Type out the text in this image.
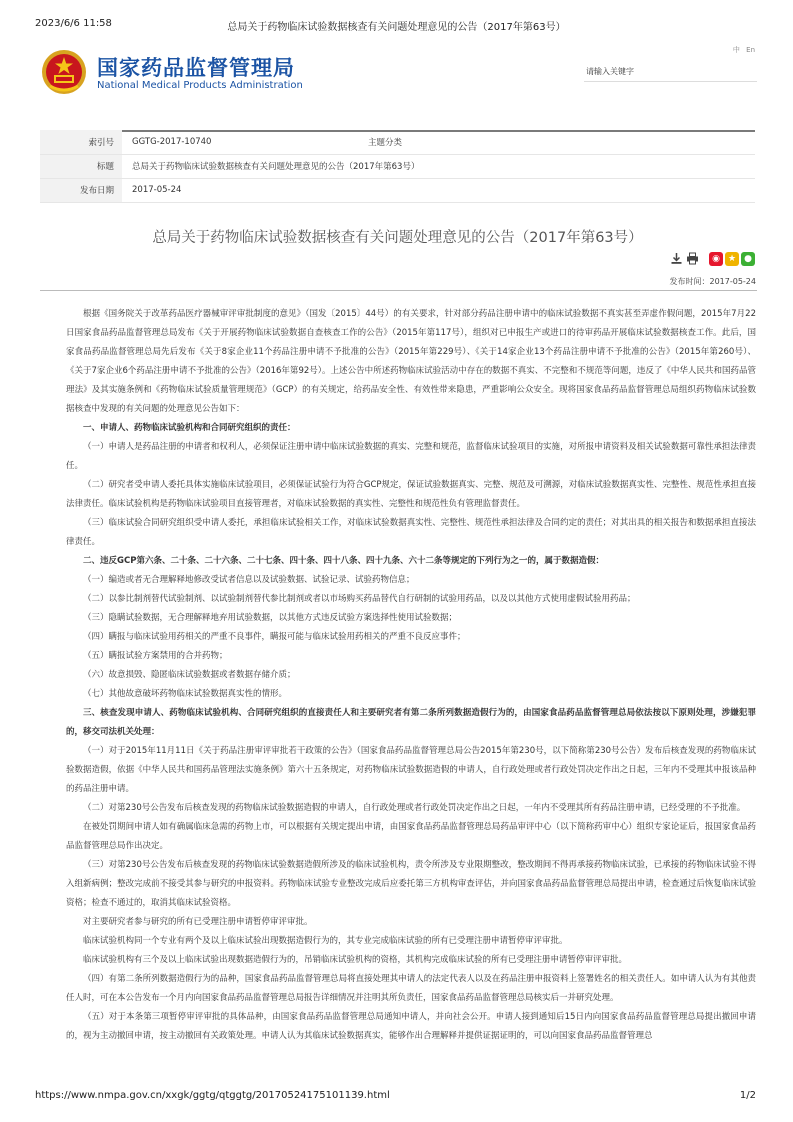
2023/6/6 11:58	总局关于药物临床试验数据核查有关问题处理意见的公告（2017年第63号）
国家药品监督管理局
National Medical Products Administration
中 En
请输入关键字
索引号	GGTG-2017-10740	主题分类	
标题	总局关于药物临床试验数据核查有关问题处理意见的公告（2017年第63号）		
发布日期	2017-05-24		
总局关于药物临床试验数据核查有关问题处理意见的公告（2017年第63号）
◉ ★ ●
发布时间：2017-05-24

根据《国务院关于改革药品医疗器械审评审批制度的意见》（国发〔2015〕44号）的有关要求，针对部分药品注册申请中的临床试验数据不真实甚至弄虚作假问题，2015年7月22日国家食品药品监督管理总局发布《关于开展药物临床试验数据自查核查工作的公告》（2015年第117号），组织对已申报生产或进口的待审药品开展临床试验数据核查工作。此后，国家食品药品监督管理总局先后发布《关于8家企业11个药品注册申请不予批准的公告》（2015年第229号）、《关于14家企业13个药品注册申请不予批准的公告》（2015年第260号）、《关于7家企业6个药品注册申请不予批准的公告》（2016年第92号）。上述公告中所述药物临床试验活动中存在的数据不真实、不完整和不规范等问题，违反了《中华人民共和国药品管理法》及其实施条例和《药物临床试验质量管理规范》（GCP）的有关规定，给药品安全性、有效性带来隐患，严重影响公众安全。现将国家食品药品监督管理总局组织药物临床试验数据核查中发现的有关问题的处理意见公告如下：

一、申请人、药物临床试验机构和合同研究组织的责任：

（一）申请人是药品注册的申请者和权利人，必须保证注册申请中临床试验数据的真实、完整和规范，监督临床试验项目的实施，对所报申请资料及相关试验数据可靠性承担法律责任。

（二）研究者受申请人委托具体实施临床试验项目，必须保证试验行为符合GCP规定，保证试验数据真实、完整、规范及可溯源，对临床试验数据真实性、完整性、规范性承担直接法律责任。临床试验机构是药物临床试验项目直接管理者，对临床试验数据的真实性、完整性和规范性负有管理监督责任。

（三）临床试验合同研究组织受申请人委托，承担临床试验相关工作，对临床试验数据真实性、完整性、规范性承担法律及合同约定的责任；对其出具的相关报告和数据承担直接法律责任。

二、违反GCP第六条、二十条、二十六条、二十七条、四十条、四十八条、四十九条、六十二条等规定的下列行为之一的，属于数据造假：

（一）编造或者无合理解释地修改受试者信息以及试验数据、试验记录、试验药物信息；

（二）以参比制剂替代试验制剂、以试验制剂替代参比制剂或者以市场购买药品替代自行研制的试验用药品，以及以其他方式使用虚假试验用药品；

（三）隐瞒试验数据，无合理解释地弃用试验数据，以其他方式违反试验方案选择性使用试验数据；

（四）瞒报与临床试验用药相关的严重不良事件，瞒报可能与临床试验用药相关的严重不良反应事件；

（五）瞒报试验方案禁用的合并药物；

（六）故意损毁、隐匿临床试验数据或者数据存储介质；

（七）其他故意破坏药物临床试验数据真实性的情形。

三、核查发现申请人、药物临床试验机构、合同研究组织的直接责任人和主要研究者有第二条所列数据造假行为的，由国家食品药品监督管理总局依法按以下原则处理，涉嫌犯罪的，移交司法机关处理：

（一）对于2015年11月11日《关于药品注册审评审批若干政策的公告》（国家食品药品监督管理总局公告2015年第230号，以下简称第230号公告）发布后核查发现的药物临床试验数据造假，依据《中华人民共和国药品管理法实施条例》第六十五条规定，对药物临床试验数据造假的申请人，自行政处理或者行政处罚决定作出之日起，三年内不受理其申报该品种的药品注册申请。

（二）对第230号公告发布后核查发现的药物临床试验数据造假的申请人，自行政处理或者行政处罚决定作出之日起，一年内不受理其所有药品注册申请，已经受理的不予批准。

在被处罚期间申请人如有确属临床急需的药物上市，可以根据有关规定提出申请，由国家食品药品监督管理总局药品审评中心（以下简称药审中心）组织专家论证后，报国家食品药品监督管理总局作出决定。

（三）对第230号公告发布后核查发现的药物临床试验数据造假所涉及的临床试验机构，责令所涉及专业限期整改，整改期间不得再承接药物临床试验，已承接的药物临床试验不得入组新病例；整改完成前不接受其参与研究的申报资料。药物临床试验专业整改完成后应委托第三方机构审查评估，并向国家食品药品监督管理总局提出申请，检查通过后恢复临床试验资格；检查不通过的，取消其临床试验资格。

对主要研究者参与研究的所有已受理注册申请暂停审评审批。

临床试验机构同一个专业有两个及以上临床试验出现数据造假行为的，其专业完成临床试验的所有已受理注册申请暂停审评审批。

临床试验机构有三个及以上临床试验出现数据造假行为的，吊销临床试验机构的资格，其机构完成临床试验的所有已受理注册申请暂停审评审批。

（四）有第二条所列数据造假行为的品种，国家食品药品监督管理总局将直接处理其申请人的法定代表人以及在药品注册申报资料上签署姓名的相关责任人。如申请人认为有其他责任人时，可在本公告发布一个月内向国家食品药品监督管理总局报告详细情况并注明其所负责任，国家食品药品监督管理总局核实后一并研究处理。

（五）对于本条第三项暂停审评审批的具体品种，由国家食品药品监督管理总局通知申请人，并向社会公开。申请人接到通知后15日内向国家食品药品监督管理总局提出撤回申请的，视为主动撤回申请，按主动撤回有关政策处理。申请人认为其临床试验数据真实，能够作出合理解释并提供证据证明的，可以向国家食品药品监督管理总

https://www.nmpa.gov.cn/xxgk/ggtg/qtggtg/20170524175101139.html	1/2
